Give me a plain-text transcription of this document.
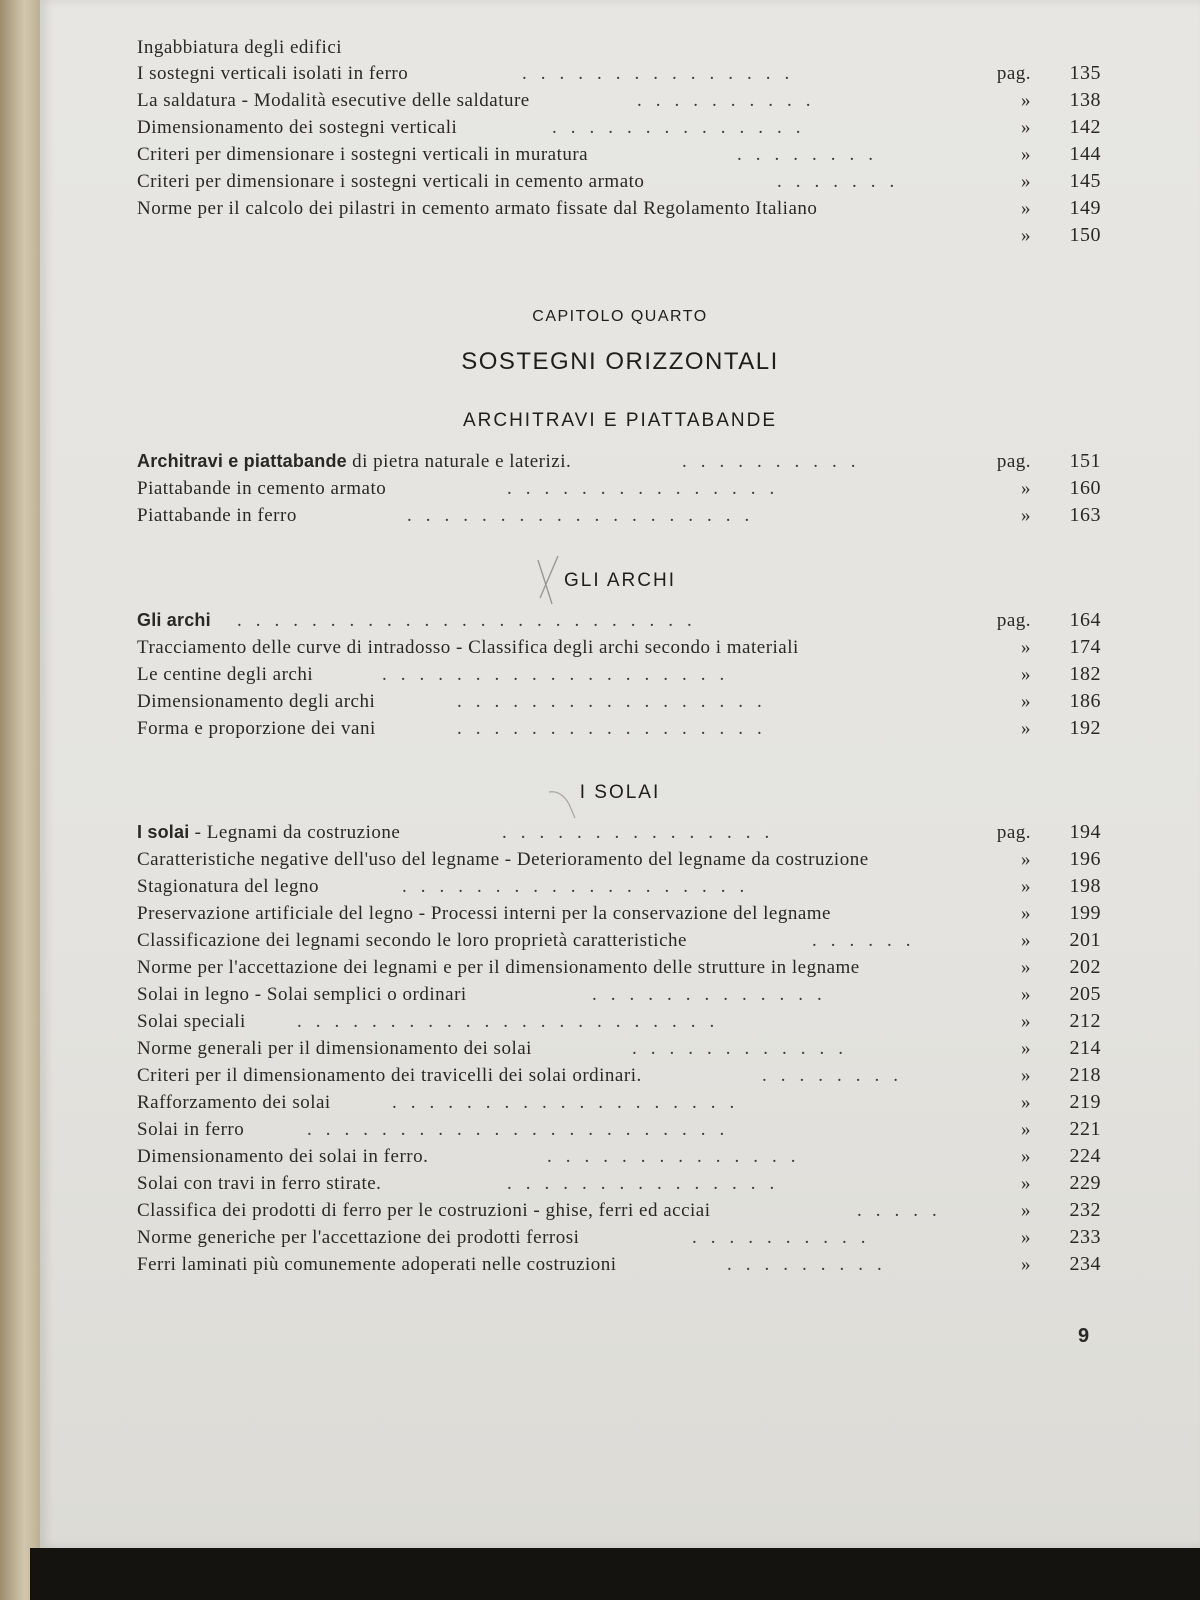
Ingabbiatura degli edifici
I sostegni verticali isolati in ferro	...............	pag.	135
La saldatura - Modalità esecutive delle saldature	..........	»	138
Dimensionamento dei sostegni verticali	..............	»	142
Criteri per dimensionare i sostegni verticali in muratura	........	»	144
Criteri per dimensionare i sostegni verticali in cemento armato	.......	»	145
Norme per il calcolo dei pilastri in cemento armato fissate dal Regolamento Italiano	»	149
»	150
CAPITOLO QUARTO
SOSTEGNI ORIZZONTALI
ARCHITRAVI E PIATTABANDE
Architravi e piattabande di pietra naturale e laterizi.	..........	pag.	151
Piattabande in cemento armato	...............	»	160
Piattabande in ferro	...................	»	163
GLI ARCHI
Gli archi .........................	pag.	164
Tracciamento delle curve di intradosso - Classifica degli archi secondo i materiali	»	174
Le centine degli archi	...................	»	182
Dimensionamento degli archi	.................	»	186
Forma e proporzione dei vani	.................	»	192
I SOLAI
I solai - Legnami da costruzione	...............	pag.	194
Caratteristiche negative dell'uso del legname - Deterioramento del legname da costruzione	»	196
Stagionatura del legno	...................	»	198
Preservazione artificiale del legno - Processi interni per la conservazione del legname	»	199
Classificazione dei legnami secondo le loro proprietà caratteristiche	......	»	201
Norme per l'accettazione dei legnami e per il dimensionamento delle strutture in legname	»	202
Solai in legno - Solai semplici o ordinari	.............	»	205
Solai speciali	.......................	»	212
Norme generali per il dimensionamento dei solai	............	»	214
Criteri per il dimensionamento dei travicelli dei solai ordinari.	........	»	218
Rafforzamento dei solai	...................	»	219
Solai in ferro	.......................	»	221
Dimensionamento dei solai in ferro.	..............	»	224
Solai con travi in ferro stirate.	...............	»	229
Classifica dei prodotti di ferro per le costruzioni - ghise, ferri ed acciai	.....	»	232
Norme generiche per l'accettazione dei prodotti ferrosi	..........	»	233
Ferri laminati più comunemente adoperati nelle costruzioni	.........	»	234
9
